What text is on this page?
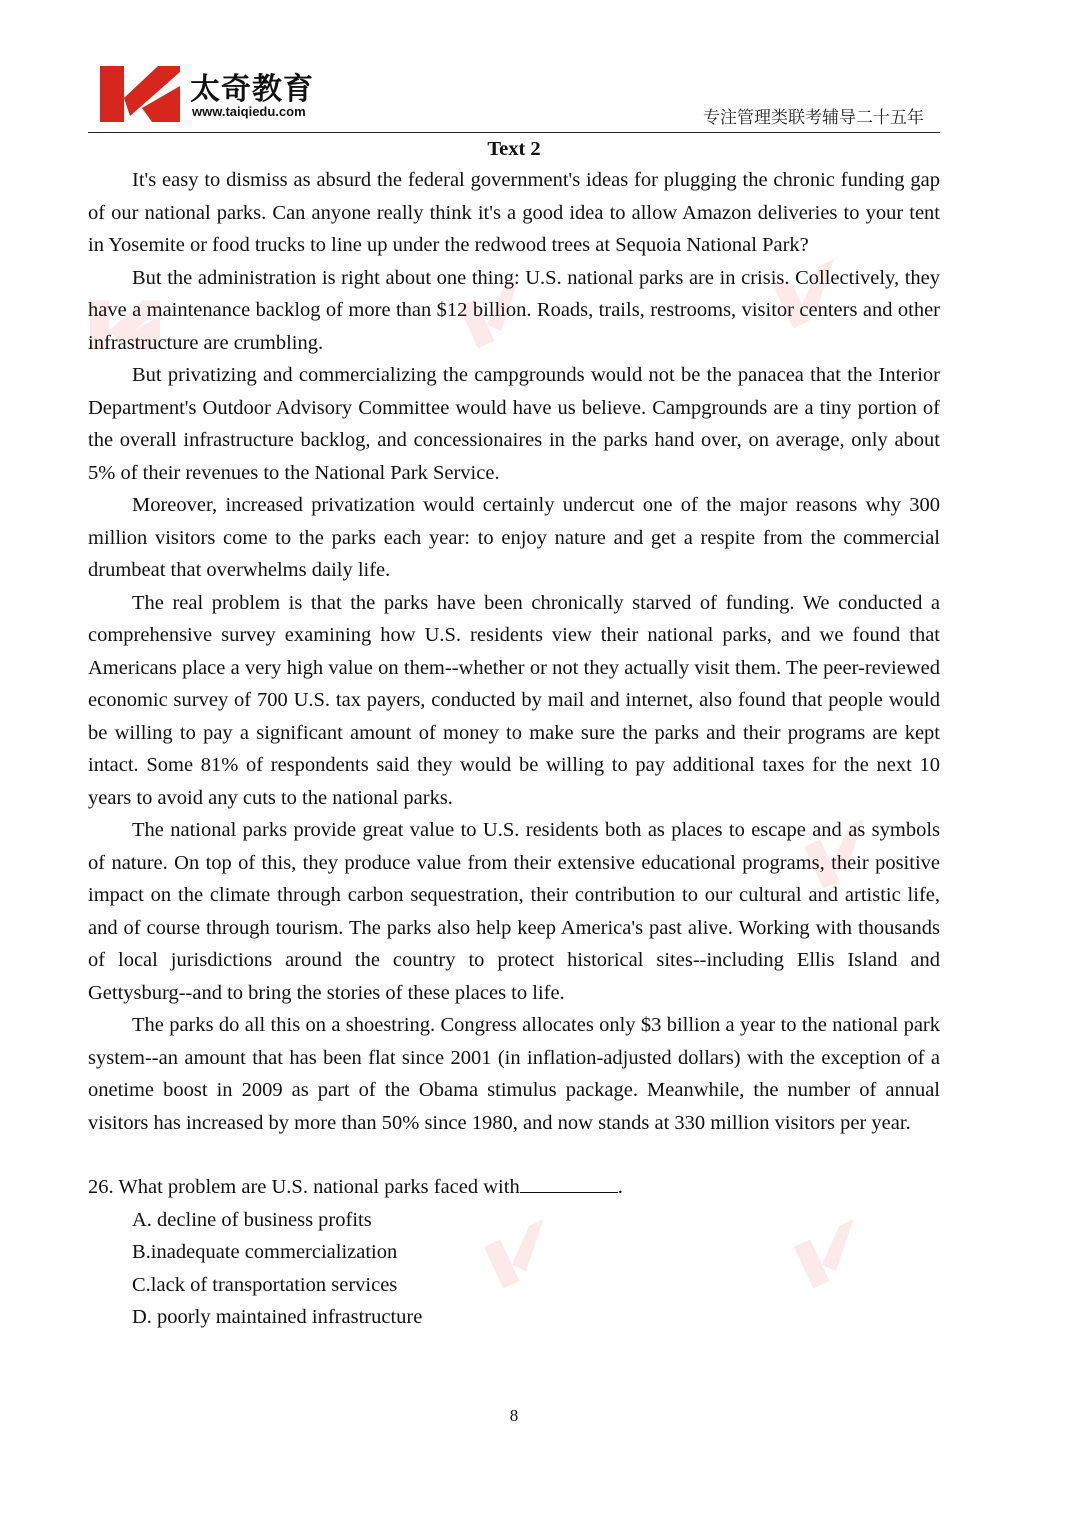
太奇教育
www.taiqiedu.com	专注管理类联考辅导二十五年

Text 2

It's easy to dismiss as absurd the federal government's ideas for plugging the chronic funding gap of our national parks. Can anyone really think it's a good idea to allow Amazon deliveries to your tent in Yosemite or food trucks to line up under the redwood trees at Sequoia National Park?

But the administration is right about one thing: U.S. national parks are in crisis. Collectively, they have a maintenance backlog of more than $12 billion. Roads, trails, restrooms, visitor centers and other infrastructure are crumbling.

But privatizing and commercializing the campgrounds would not be the panacea that the Interior Department's Outdoor Advisory Committee would have us believe. Campgrounds are a tiny portion of the overall infrastructure backlog, and concessionaires in the parks hand over, on average, only about 5% of their revenues to the National Park Service.

Moreover, increased privatization would certainly undercut one of the major reasons why 300 million visitors come to the parks each year: to enjoy nature and get a respite from the commercial drumbeat that overwhelms daily life.

The real problem is that the parks have been chronically starved of funding. We conducted a comprehensive survey examining how U.S. residents view their national parks, and we found that Americans place a very high value on them--whether or not they actually visit them. The peer-reviewed economic survey of 700 U.S. tax payers, conducted by mail and internet, also found that people would be willing to pay a significant amount of money to make sure the parks and their programs are kept intact. Some 81% of respondents said they would be willing to pay additional taxes for the next 10 years to avoid any cuts to the national parks.

The national parks provide great value to U.S. residents both as places to escape and as symbols of nature. On top of this, they produce value from their extensive educational programs, their positive impact on the climate through carbon sequestration, their contribution to our cultural and artistic life, and of course through tourism. The parks also help keep America's past alive. Working with thousands of local jurisdictions around the country to protect historical sites--including Ellis Island and Gettysburg--and to bring the stories of these places to life.

The parks do all this on a shoestring. Congress allocates only $3 billion a year to the national park system--an amount that has been flat since 2001 (in inflation-adjusted dollars) with the exception of a onetime boost in 2009 as part of the Obama stimulus package. Meanwhile, the number of annual visitors has increased by more than 50% since 1980, and now stands at 330 million visitors per year.

26. What problem are U.S. national parks faced with	.

A. decline of business profits

B.inadequate commercialization

C.lack of transportation services

D. poorly maintained infrastructure

8
